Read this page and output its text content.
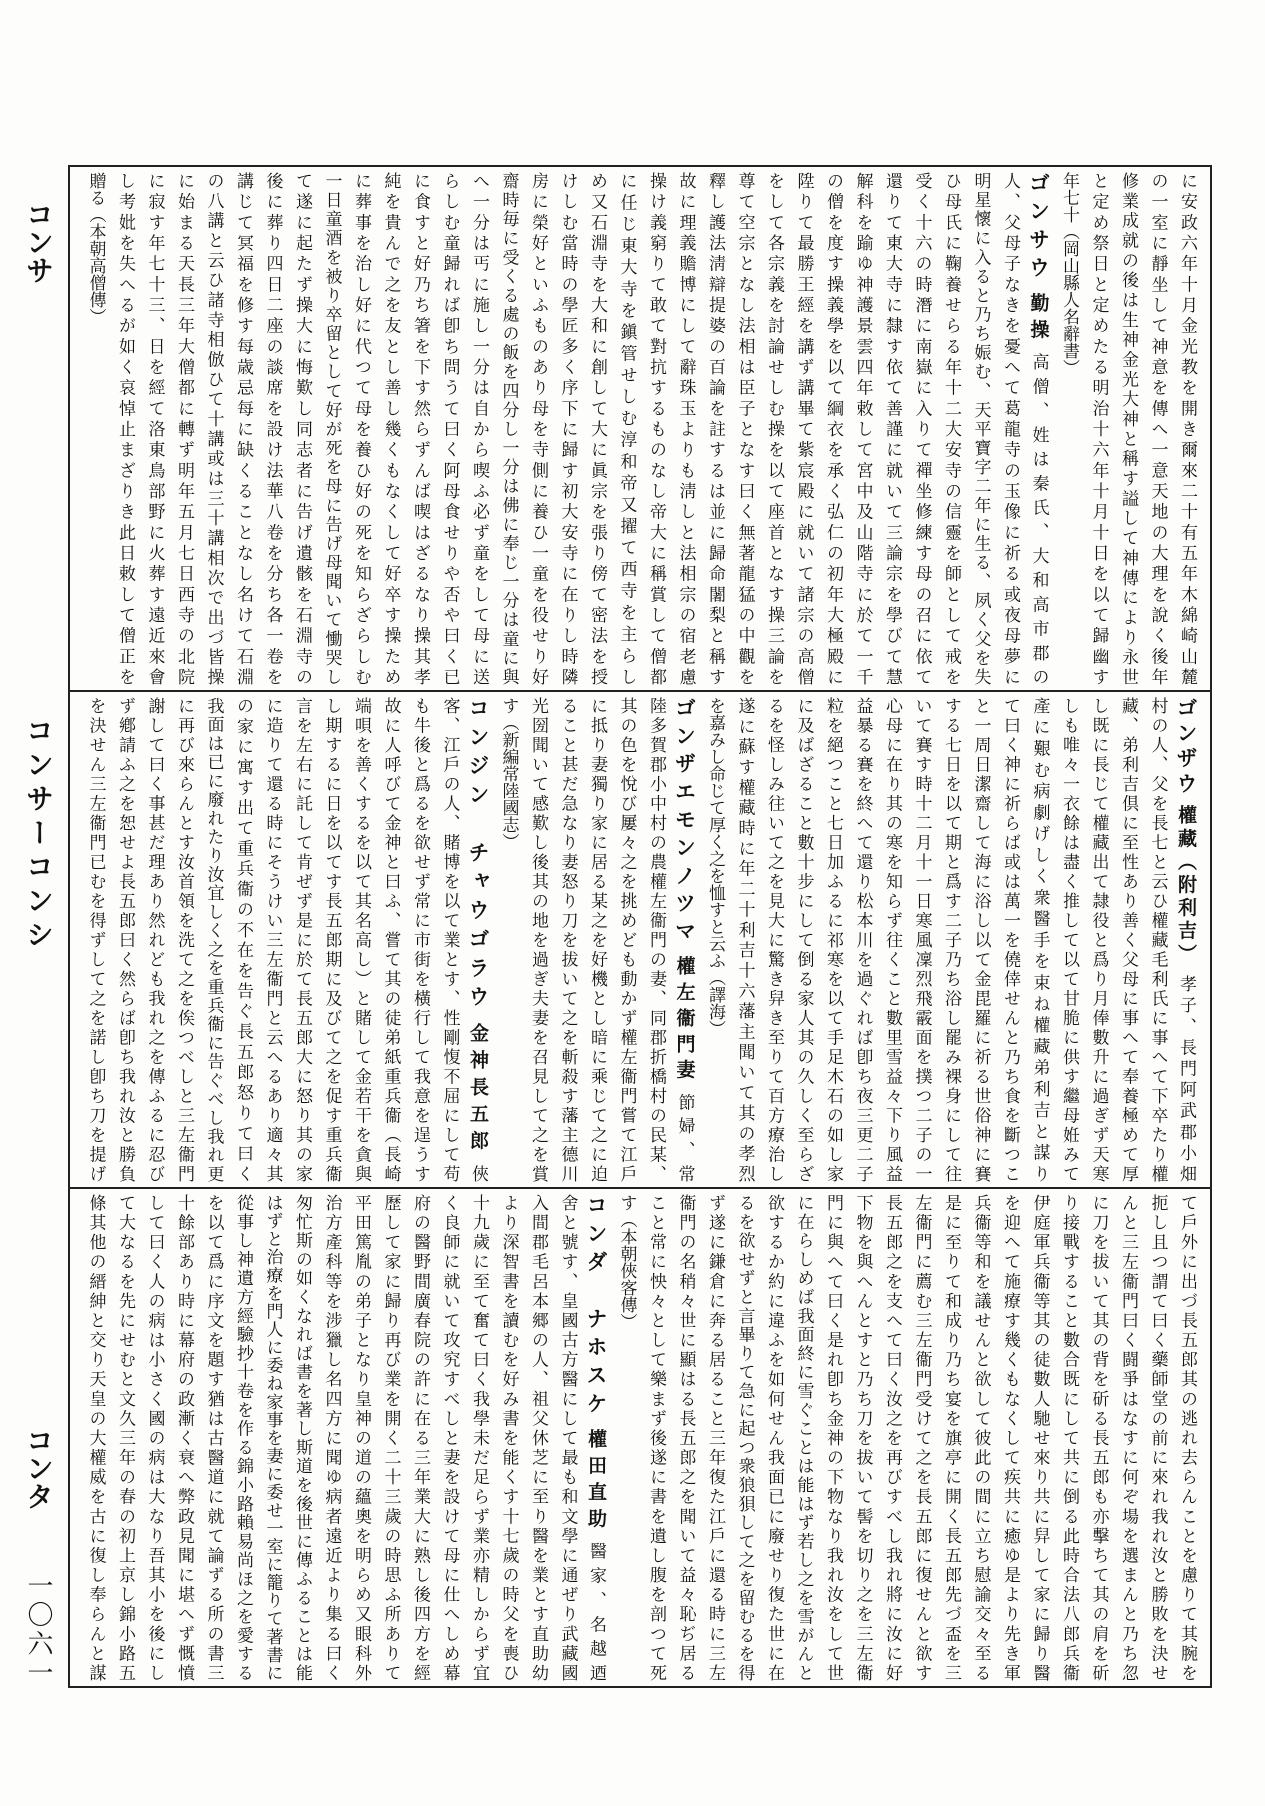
コンサ
コンサーコンシ
コンタ
一〇六一
に安政六年十月金光教を開き爾來二十有五年木綿崎山麓
の一室に靜坐して神意を傳へ一意天地の大理を說く後年
修業成就の後は生神金光大神と稱す謚して神傳により永世
と定め祭日と定めたる明治十六年十月十日を以て歸幽す
年七十（岡山縣人名辭書）
ゴンサウ勤操高僧、姓は秦氏、大和高市郡の
人、父母子なきを憂へて葛龍寺の玉像に祈る或夜母夢に
明星懷に入ると乃ち娠む、天平寶字二年に生る、夙く父を失
ひ母氏に鞠養せらる年十二大安寺の信靈を師として戒を
受く十六の時潛に南嶽に入りて禪坐修練す母の召に依て
還りて東大寺に隸す依て善謹に就いて三論宗を學びて慧
解科を踰ゆ神護景雲四年敕して宮中及山階寺に於て一千
の僧を度す操義學を以て綱衣を承く弘仁の初年大極殿に
陞りて最勝王經を講ず講畢て紫宸殿に就いて諸宗の高僧
をして各宗義を討論せしむ操を以て座首となす操三論を
尊て空宗となし法相は臣子となす曰く無著龍猛の中觀を
釋し護法淸辯提婆の百論を註するは並に歸命闍梨と稱す
故に理義贍博にして辭珠玉よりも淸しと法相宗の宿老慮
操け義窮りて敢て對抗するものなし帝大に稱賞して僧都
に任じ東大寺を鎭管せしむ淳和帝又擢て西寺を主らし
め又石淵寺を大和に創して大に眞宗を張り傍て密法を授
けしむ當時の學匠多く序下に歸す初大安寺に在りし時隣
房に榮好といふものあり母を寺側に養ひ一童を役せり好
齋時毎に受くる處の飯を四分し一分は佛に奉じ一分は童に與
へ一分は丐に施し一分は自から喫ふ必ず童をして母に送
らしむ童歸れば卽ち問うて曰く阿母食せりや否や曰く已
に食すと好乃ち箸を下す然らずんば喫はざるなり操其孝
純を貴んで之を友とし善し幾くもなくして好卒す操ため
に葬事を治し好に代つて母を養ひ好の死を知らざらしむ
一日童酒を被り卒留として好が死を母に告げ母聞いて慟哭し
て遂に起たず操大に悔歎し同志者に告げ遺骸を石淵寺の
後に葬り四日二座の談席を設け法華八卷を分ち各一卷を
講じて冥福を修す每歳忌每に缺くることなし名けて石淵
の八講と云ひ諸寺相倣ひて十講或は三十講相次で出づ皆操
に始まる天長三年大僧都に轉ず明年五月七日西寺の北院
に寂す年七十三、日を經て洛東鳥部野に火葬す遠近來會
し考妣を失へるが如く哀悼止まざりき此日敕して僧正を
贈る（本朝高僧傳）
ゴンザウ權藏（附利吉）孝子、長門阿武郡小畑
村の人、父を長七と云ひ權藏毛利氏に事へて下卒たり權
藏、弟利吉倶に至性あり善く父母に事へて奉養極めて厚
し既に長じて權藏出て隷役と爲り月俸數升に過ぎず天寒
しも唯々一衣餘は盡く推して以て甘脆に供す繼母姙みて
產に艱む病劇げしく衆醫手を束ね權藏弟利吉と謀り
て曰く神に祈らば或は萬一を僥倖せんと乃ち食を斷つこ
と一周日潔齋して海に浴し以て金毘羅に祈る世俗神に賽
する七日を以て期と爲す二子乃ち浴し罷み裸身にして往
いて賽す時十二月十一日寒風凜烈飛霰面を撲つ二子の一
心母に在り其の寒を知らず往くこと數里雪益々下り風益
益暴る賽を終へて還り松本川を過ぐれば卽ち夜三更二子
粒を絕つこと七日加ふるに祁寒を以て手足木石の如し家
に及ばざること數十步にして倒る家人其の久しく至らざ
るを怪しみ往いて之を見大に驚き舁き至りて百方療治し
遂に蘇す權藏時に年二十利吉十六藩主聞いて其の孝烈
を嘉みし命じて厚く之を恤すと云ふ（譯海）
ゴンザエモンノツマ權左衞門妻節婦、常
陸多賀郡小中村の農權左衞門の妻、同郡折橋村の民某、
其の色を悅び屢々之を挑めども動かず權左衞門嘗て江戶
に抵り妻獨り家に居る某之を好機とし暗に乘じて之に迫
ること甚だ急なり妻怒り刀を拔いて之を斬殺す藩主德川
光圀聞いて感歎し後其の地を過ぎ夫妻を召見して之を賞
す（新編常陸國志）
コンジン　チャウゴラウ金神長五郎俠
客、江戶の人、賭博を以て業とす、性剛愎不屈にして苟
も牛後と爲るを欲せず常に市街を橫行して我意を逞うす
故に人呼びて金神と曰ふ、嘗て其の徒弟紙重兵衞（長崎
端唄を善くするを以て其名高し）と賭して金若干を貪與
し期するに日を以てす長五郎期に及びて之を促す重兵衞
言を左右に託して肯ぜず是に於て長五郎大に怒り其の家
に造りて還る時にそうけい三左衞門と云へるあり適々其
の家に寓す出て重兵衞の不在を告ぐ長五郎怒りて曰く
我面は已に廢れたり汝宜しく之を重兵衞に告ぐべし我れ更
に再び來らんとす汝首領を洗て之を俟つべしと三左衞門
謝して曰く事甚だ理あり然れども我れ之を傳ふるに忍び
ず鄕請ふ之を恕せよ長五郎曰く然らば卽ち我れ汝と勝負
を決せん三左衞門已むを得ずして之を諾し卽ち刀を提げ
て戶外に出づ長五郎其の逃れ去らんことを慮りて其腕を
扼し且つ謂て曰く藥師堂の前に來れ我れ汝と勝敗を決せ
んと三左衞門曰く闘爭はなすに何ぞ場を選まんと乃ち忽
に刀を拔いて其の背を斫る長五郎も亦擊ちて其の肩を斫
り接戰すること數合既にして共に倒る此時合法八郎兵衞
伊庭軍兵衞等其の徒數人馳せ來り共に舁して家に歸り醫
を迎へて施療す幾くもなくして疾共に癒ゆ是より先き軍
兵衞等和を議せんと欲して彼此の間に立ち慰諭交々至る
是に至りて和成り乃ち宴を旗亭に開く長五郎先づ盃を三
左衞門に薦む三左衞門受けて之を長五郎に復せんと欲す
長五郎之を支へて曰く汝之を再びすべし我れ將に汝に好
下物を與へんとすと乃ち刀を拔いて髻を切り之を三左衞
門に與へて曰く是れ卽ち金神の下物なり我れ汝をして世
に在らしめば我面終に雪ぐことは能はず若し之を雪がんと
欲するか約に違ふを如何せん我面已に廢せり復た世に在
るを欲せずと言畢りて急に起つ衆狼狽して之を留むるを得
ず遂に鎌倉に奔る居ること三年復た江戶に還る時に三左
衞門の名稍々世に顯はる長五郎之を聞いて益々恥ぢ居る
こと常に怏々として樂まず後遂に書を遺し腹を剖つて死
す（本朝俠客傳）
コンダ　ナホスケ權田直助醫家、名越迺
舍と號す、皇國古方醫にして最も和文學に通ぜり武藏國
入間郡毛呂本郷の人、祖父休芝に至り醫を業とす直助幼
より深智書を讀むを好み書を能くす十七歲の時父を喪ひ
十九歲に至て奮て曰く我學未だ足らず業亦精しからず宜
く良師に就いて攻究すべしと妻を設けて母に仕へしめ幕
府の醫野間廣春院の許に在る三年業大に熟し後四方を經
歷して家に歸り再び業を開く二十三歲の時思ふ所ありて
平田篤胤の弟子となり皇神の道の蘊奧を明らめ又眼科外
治方產科等を涉獵し名四方に聞ゆ病者遠近より集る曰く
匆忙斯の如くなれば書を著し斯道を後世に傳ふることは能
はずと治療を門人に委ね家事を妻に委せ一室に籠りて著書に
從事し神遺方經驗抄十卷を作る錦小路賴易尚ほ之を愛する
を以て爲に序文を題す猶は古醫道に就て論ずる所の書三
十餘部あり時に幕府の政漸く衰へ弊政見聞に堪へず慨憤
して曰く人の病は小さく國の病は大なり吾其小を後にし
て大なるを先にせむと文久三年の春の初上京し錦小路五
條其他の縉紳と交り天皇の大權威を古に復し奉らんと謀
